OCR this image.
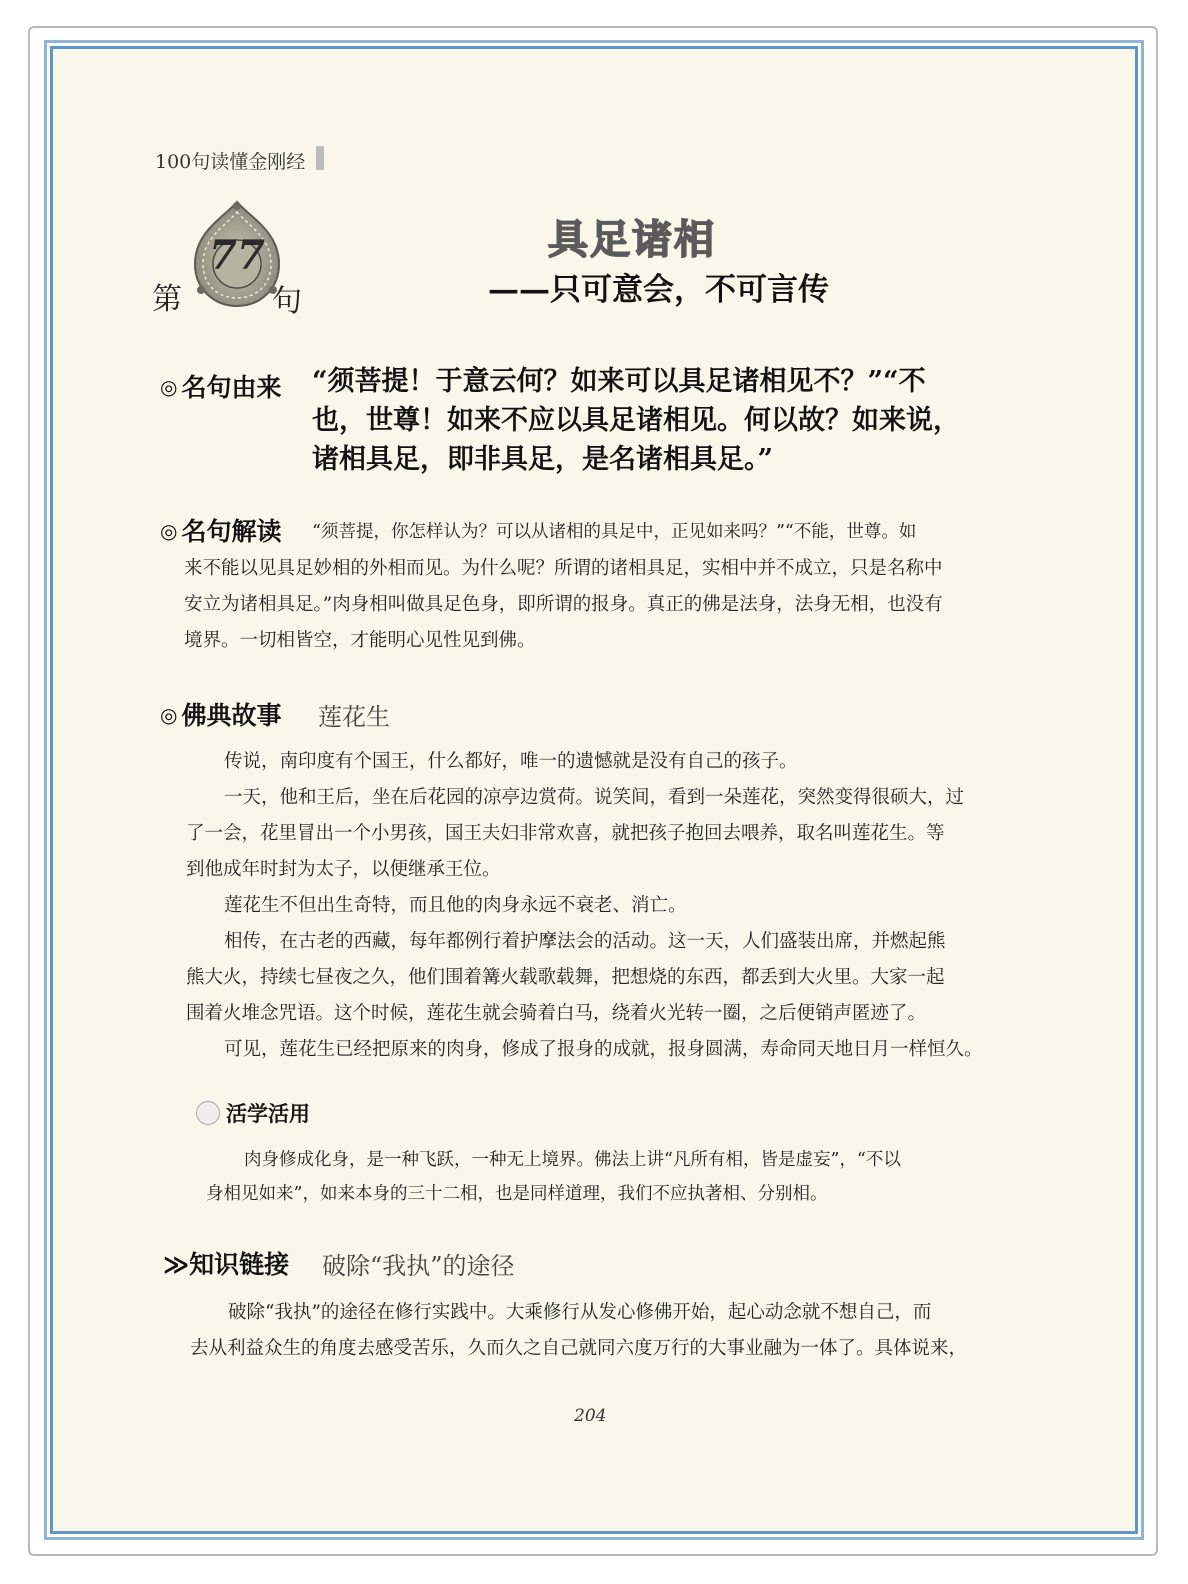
100句读懂金刚经
77
第	句
具足诸相
——只可意会，不可言传
◎ 名句由来 “须菩提！于意云何？如来可以具足诸相见不？”“不
也，世尊！如来不应以具足诸相见。何以故？如来说，
诸相具足，即非具足，是名诸相具足。”
◎ 名句解读 “须菩提，你怎样认为？可以从诸相的具足中，正见如来吗？”“不能，世尊。如
来不能以见具足妙相的外相而见。为什么呢？所谓的诸相具足，实相中并不成立，只是名称中
安立为诸相具足。”肉身相叫做具足色身，即所谓的报身。真正的佛是法身，法身无相，也没有
境界。一切相皆空，才能明心见性见到佛。
◎ 佛典故事 莲花生
传说，南印度有个国王，什么都好，唯一的遗憾就是没有自己的孩子。
一天，他和王后，坐在后花园的凉亭边赏荷。说笑间，看到一朵莲花，突然变得很硕大，过
了一会，花里冒出一个小男孩，国王夫妇非常欢喜，就把孩子抱回去喂养，取名叫莲花生。等
到他成年时封为太子，以便继承王位。
莲花生不但出生奇特，而且他的肉身永远不衰老、消亡。
相传，在古老的西藏，每年都例行着护摩法会的活动。这一天，人们盛装出席，并燃起熊
熊大火，持续七昼夜之久，他们围着篝火载歌载舞，把想烧的东西，都丢到大火里。大家一起
围着火堆念咒语。这个时候，莲花生就会骑着白马，绕着火光转一圈，之后便销声匿迹了。
可见，莲花生已经把原来的肉身，修成了报身的成就，报身圆满，寿命同天地日月一样恒久。
活学活用
肉身修成化身，是一种飞跃，一种无上境界。佛法上讲“凡所有相，皆是虚妄”，“不以
身相见如来”，如来本身的三十二相，也是同样道理，我们不应执著相、分别相。
≫知识链接 破除“我执”的途径
破除“我执”的途径在修行实践中。大乘修行从发心修佛开始，起心动念就不想自己，而
去从利益众生的角度去感受苦乐，久而久之自己就同六度万行的大事业融为一体了。具体说来，
204
